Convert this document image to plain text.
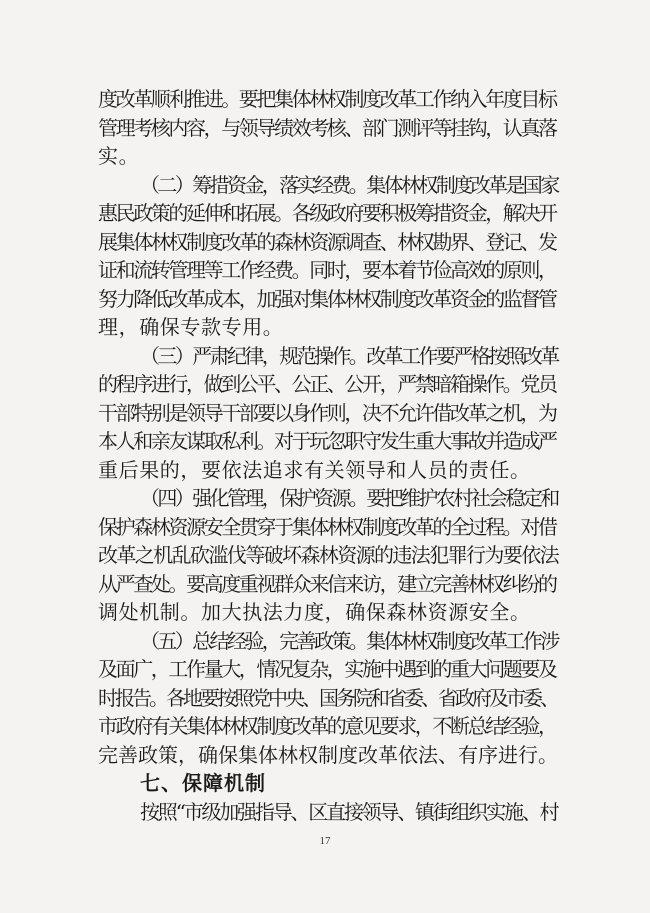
度改革顺利推进。要把集体林权制度改革工作纳入年度目标
管理考核内容，与领导绩效考核、部门测评等挂钩，认真落
实。
（二）筹措资金，落实经费。集体林权制度改革是国家
惠民政策的延伸和拓展。各级政府要积极筹措资金，解决开
展集体林权制度改革的森林资源调查、林权勘界、登记、发
证和流转管理等工作经费。同时，要本着节俭高效的原则，
努力降低改革成本，加强对集体林权制度改革资金的监督管
理，确保专款专用。
（三）严肃纪律，规范操作。改革工作要严格按照改革
的程序进行，做到公平、公正、公开，严禁暗箱操作。党员
干部特别是领导干部要以身作则，决不允许借改革之机，为
本人和亲友谋取私利。对于玩忽职守发生重大事故并造成严
重后果的，要依法追求有关领导和人员的责任。
（四）强化管理，保护资源。要把维护农村社会稳定和
保护森林资源安全贯穿于集体林权制度改革的全过程。对借
改革之机乱砍滥伐等破坏森林资源的违法犯罪行为要依法
从严查处。要高度重视群众来信来访，建立完善林权纠纷的
调处机制。加大执法力度，确保森林资源安全。
（五）总结经验，完善政策。集体林权制度改革工作涉
及面广，工作量大，情况复杂，实施中遇到的重大问题要及
时报告。各地要按照党中央、国务院和省委、省政府及市委、
市政府有关集体林权制度改革的意见要求，不断总结经验，
完善政策，确保集体林权制度改革依法、有序进行。
七、保障机制
按照“市级加强指导、区直接领导、镇街组织实施、村
17
